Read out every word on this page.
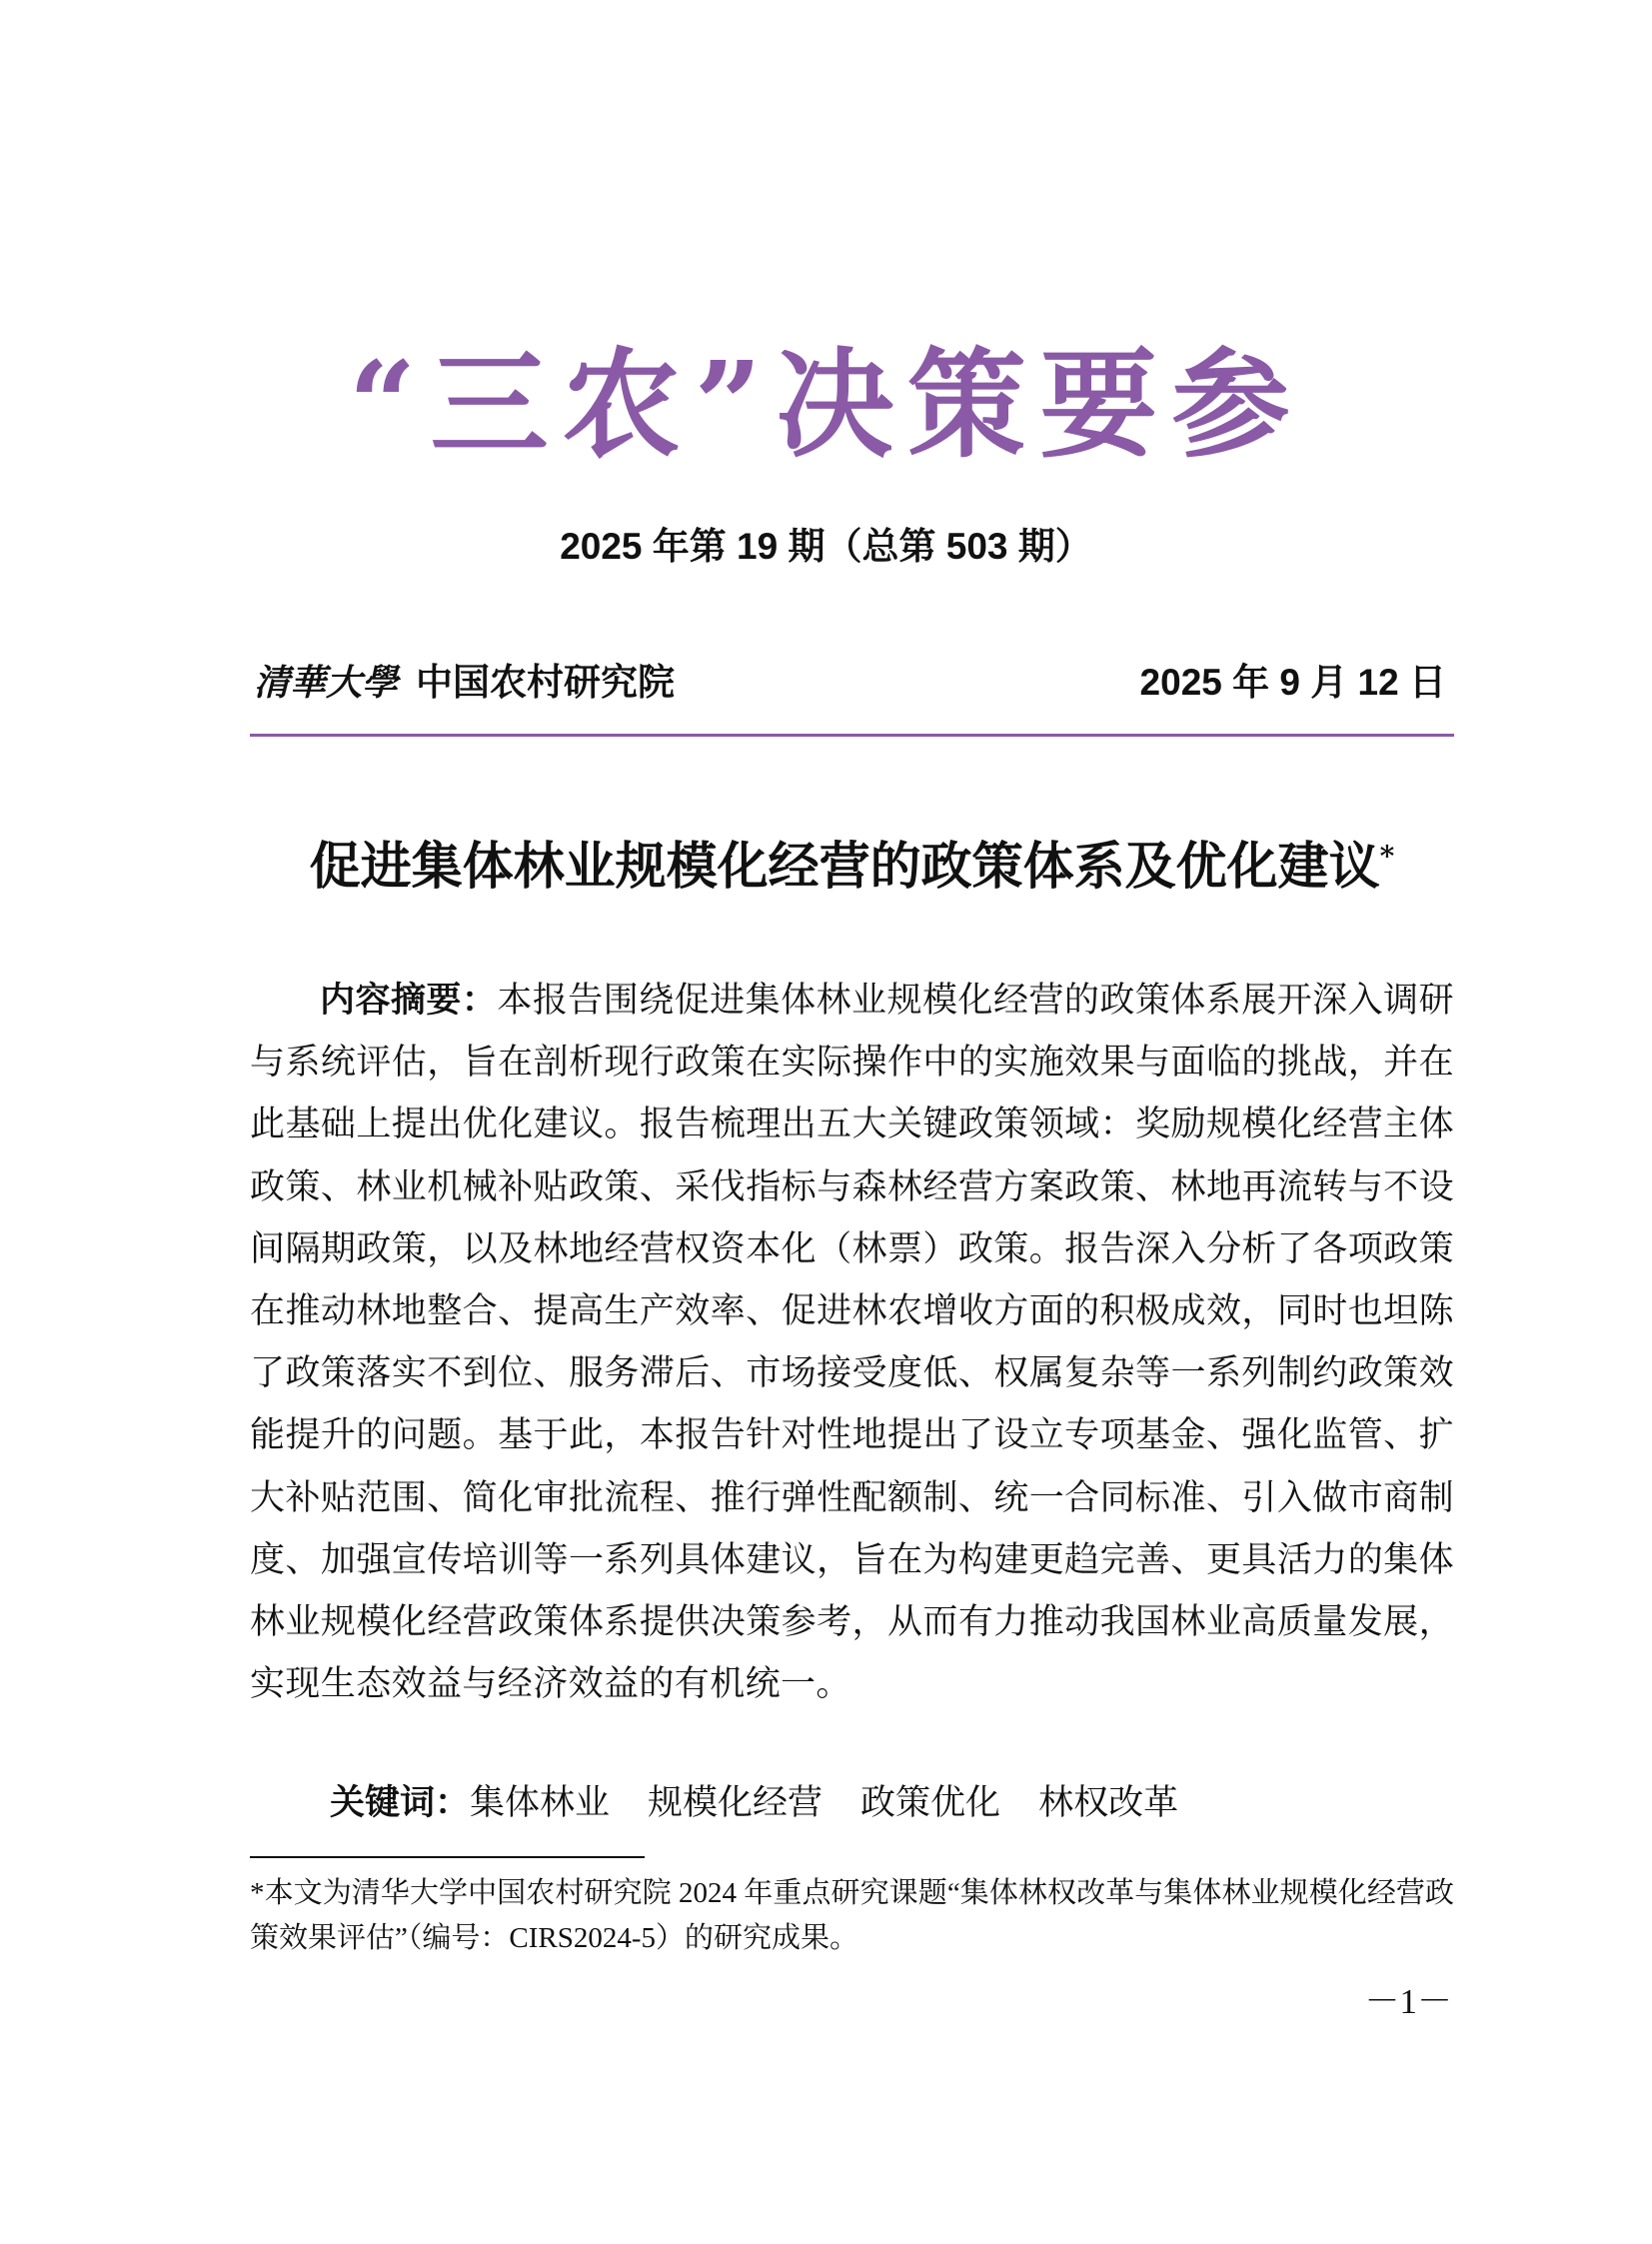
“三农”决策要参
2025 年第 19 期（总第 503 期）
清華大學 中国农村研究院	2025 年 9 月 12 日
促进集体林业规模化经营的政策体系及优化建议*

内容摘要：本报告围绕促进集体林业规模化经营的政策体系展开深入调研与系统评估，旨在剖析现行政策在实际操作中的实施效果与面临的挑战，并在此基础上提出优化建议。报告梳理出五大关键政策领域：奖励规模化经营主体政策、林业机械补贴政策、采伐指标与森林经营方案政策、林地再流转与不设间隔期政策，以及林地经营权资本化（林票）政策。报告深入分析了各项政策在推动林地整合、提高生产效率、促进林农增收方面的积极成效，同时也坦陈了政策落实不到位、服务滞后、市场接受度低、权属复杂等一系列制约政策效能提升的问题。基于此，本报告针对性地提出了设立专项基金、强化监管、扩大补贴范围、简化审批流程、推行弹性配额制、统一合同标准、引入做市商制度、加强宣传培训等一系列具体建议，旨在为构建更趋完善、更具活力的集体林业规模化经营政策体系提供决策参考，从而有力推动我国林业高质量发展，实现生态效益与经济效益的有机统一。

关键词：集体林业 规模化经营 政策优化 林权改革

*本文为清华大学中国农村研究院 2024 年重点研究课题“集体林权改革与集体林业规模化经营政策效果评估”（编号：CIRS2024-5）的研究成果。

－1－
